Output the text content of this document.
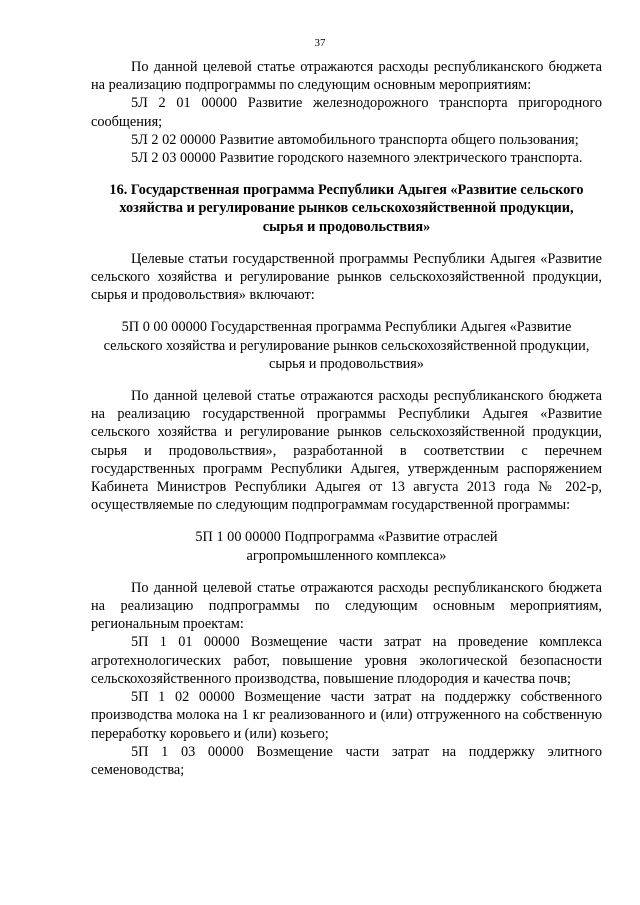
37

По данной целевой статье отражаются расходы республиканского бюджета на реализацию подпрограммы по следующим основным мероприятиям:

5Л 2 01 00000 Развитие железнодорожного транспорта пригородного сообщения;

5Л 2 02 00000 Развитие автомобильного транспорта общего пользования;

5Л 2 03 00000 Развитие городского наземного электрического транспорта.

16. Государственная программа Республики Адыгея «Развитие сельского хозяйства и регулирование рынков сельскохозяйственной продукции, сырья и продовольствия»

Целевые статьи государственной программы Республики Адыгея «Развитие сельского хозяйства и регулирование рынков сельскохозяйственной продукции, сырья и продовольствия» включают:

5П 0 00 00000 Государственная программа Республики Адыгея «Развитие сельского хозяйства и регулирование рынков сельскохозяйственной продукции, сырья и продовольствия»

По данной целевой статье отражаются расходы республиканского бюджета на реализацию государственной программы Республики Адыгея «Развитие сельского хозяйства и регулирование рынков сельскохозяйственной продукции, сырья и продовольствия», разработанной в соответствии с перечнем государственных программ Республики Адыгея, утвержденным распоряжением Кабинета Министров Республики Адыгея от 13 августа 2013 года № 202-р, осуществляемые по следующим подпрограммам государственной программы:

5П 1 00 00000 Подпрограмма «Развитие отраслей агропромышленного комплекса»

По данной целевой статье отражаются расходы республиканского бюджета на реализацию подпрограммы по следующим основным мероприятиям, региональным проектам:

5П 1 01 00000 Возмещение части затрат на проведение комплекса агротехнологических работ, повышение уровня экологической безопасности сельскохозяйственного производства, повышение плодородия и качества почв;

5П 1 02 00000 Возмещение части затрат на поддержку собственного производства молока на 1 кг реализованного и (или) отгруженного на собственную переработку коровьего и (или) козьего;

5П 1 03 00000 Возмещение части затрат на поддержку элитного семеноводства;
